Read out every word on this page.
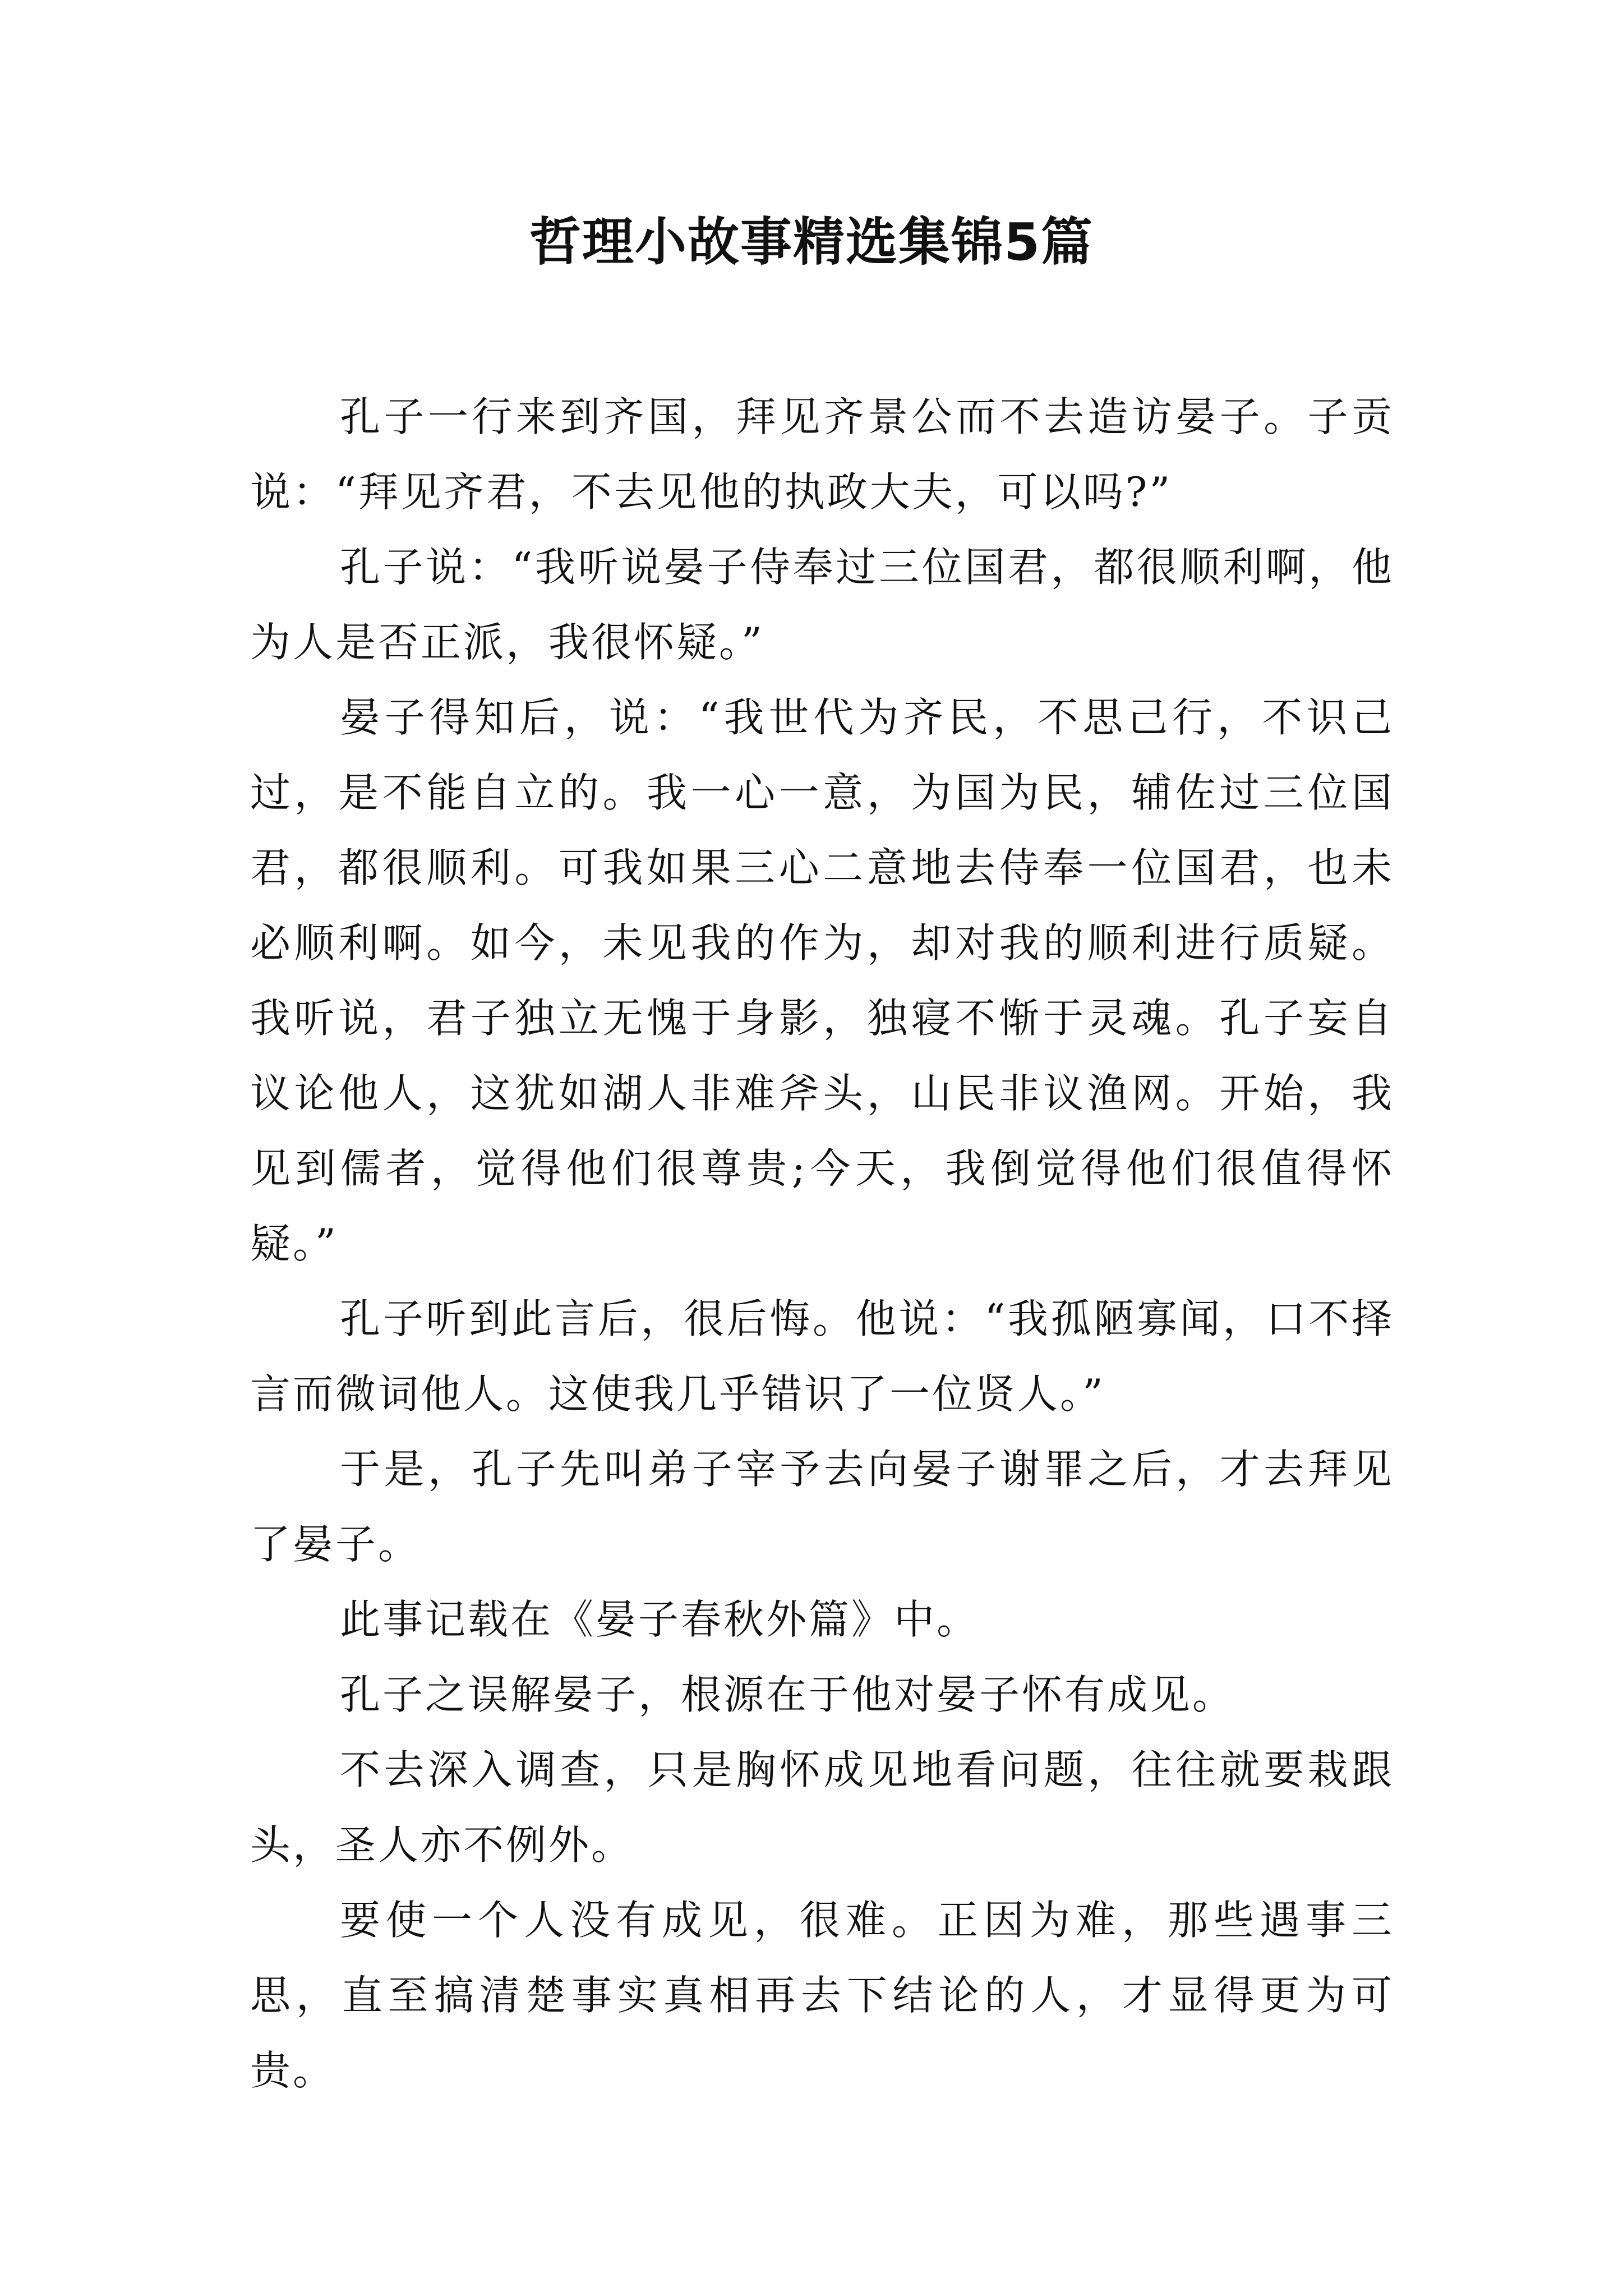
哲理小故事精选集锦5篇

孔子一行来到齐国，拜见齐景公而不去造访晏子。子贡说：“拜见齐君，不去见他的执政大夫，可以吗?”

孔子说：“我听说晏子侍奉过三位国君，都很顺利啊，他为人是否正派，我很怀疑。”

晏子得知后，说：“我世代为齐民，不思己行，不识己过，是不能自立的。我一心一意，为国为民，辅佐过三位国君，都很顺利。可我如果三心二意地去侍奉一位国君，也未必顺利啊。如今，未见我的作为，却对我的顺利进行质疑。我听说，君子独立无愧于身影，独寝不惭于灵魂。孔子妄自议论他人，这犹如湖人非难斧头，山民非议渔网。开始，我见到儒者，觉得他们很尊贵;今天，我倒觉得他们很值得怀疑。”

孔子听到此言后，很后悔。他说：“我孤陋寡闻，口不择言而微词他人。这使我几乎错识了一位贤人。”

于是，孔子先叫弟子宰予去向晏子谢罪之后，才去拜见了晏子。

此事记载在《晏子春秋外篇》中。

孔子之误解晏子，根源在于他对晏子怀有成见。

不去深入调查，只是胸怀成见地看问题，往往就要栽跟头，圣人亦不例外。

要使一个人没有成见，很难。正因为难，那些遇事三思，直至搞清楚事实真相再去下结论的人，才显得更为可贵。
